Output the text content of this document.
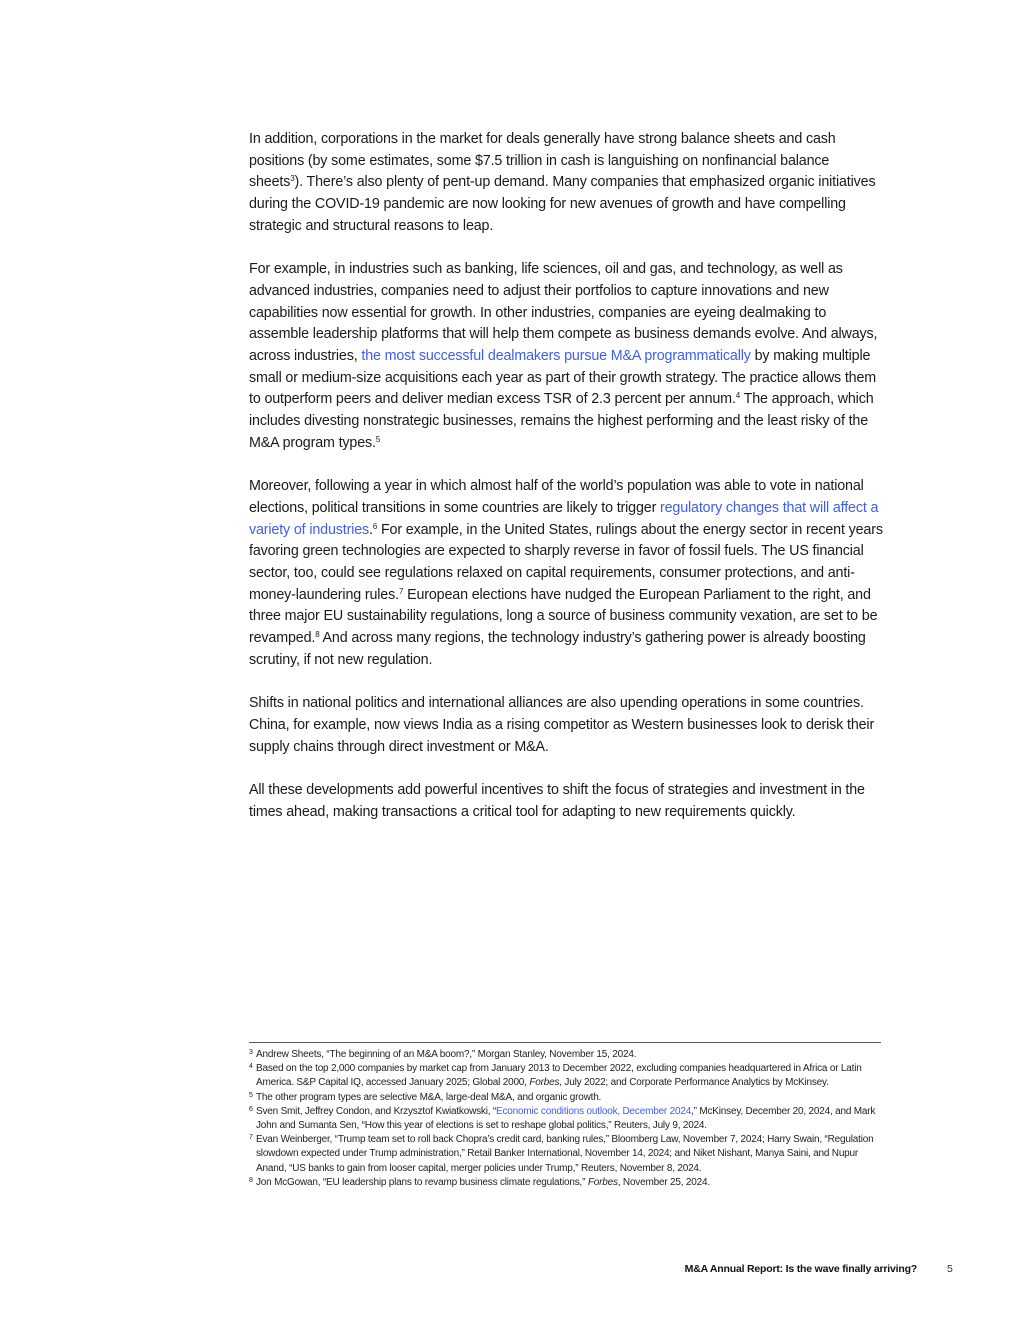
In addition, corporations in the market for deals generally have strong balance sheets and cash positions (by some estimates, some $7.5 trillion in cash is languishing on nonfinancial balance sheets$^3$). There’s also plenty of pent-up demand. Many companies that emphasized organic initiatives during the COVID-19 pandemic are now looking for new avenues of growth and have compelling strategic and structural reasons to leap.

For example, in industries such as banking, life sciences, oil and gas, and technology, as well as advanced industries, companies need to adjust their portfolios to capture innovations and new capabilities now essential for growth. In other industries, companies are eyeing dealmaking to assemble leadership platforms that will help them compete as business demands evolve. And always, across industries, the most successful dealmakers pursue M&A programmatically by making multiple small or medium-size acquisitions each year as part of their growth strategy. The practice allows them to outperform peers and deliver median excess TSR of 2.3 percent per annum.$^4$ The approach, which includes divesting nonstrategic businesses, remains the highest performing and the least risky of the M&A program types.$^5$

Moreover, following a year in which almost half of the world’s population was able to vote in national elections, political transitions in some countries are likely to trigger regulatory changes that will affect a variety of industries.$^6$ For example, in the United States, rulings about the energy sector in recent years favoring green technologies are expected to sharply reverse in favor of fossil fuels. The US financial sector, too, could see regulations relaxed on capital requirements, consumer protections, and anti-money-laundering rules.$^7$ European elections have nudged the European Parliament to the right, and three major EU sustainability regulations, long a source of business community vexation, are set to be revamped.$^8$ And across many regions, the technology industry’s gathering power is already boosting scrutiny, if not new regulation.

Shifts in national politics and international alliances are also upending operations in some countries. China, for example, now views India as a rising competitor as Western businesses look to derisk their supply chains through direct investment or M&A.

All these developments add powerful incentives to shift the focus of strategies and investment in the times ahead, making transactions a critical tool for adapting to new requirements quickly.

3 Andrew Sheets, “The beginning of an M&A boom?,” Morgan Stanley, November 15, 2024.
4 Based on the top 2,000 companies by market cap from January 2013 to December 2022, excluding companies headquartered in Africa or Latin America. S&P Capital IQ, accessed January 2025; Global 2000, Forbes, July 2022; and Corporate Performance Analytics by McKinsey.
5 The other program types are selective M&A, large-deal M&A, and organic growth.
6 Sven Smit, Jeffrey Condon, and Krzysztof Kwiatkowski, “Economic conditions outlook, December 2024,” McKinsey, December 20, 2024, and Mark John and Sumanta Sen, “How this year of elections is set to reshape global politics,” Reuters, July 9, 2024.
7 Evan Weinberger, “Trump team set to roll back Chopra’s credit card, banking rules,” Bloomberg Law, November 7, 2024; Harry Swain, “Regulation slowdown expected under Trump administration,” Retail Banker International, November 14, 2024; and Niket Nishant, Manya Saini, and Nupur Anand, “US banks to gain from looser capital, merger policies under Trump,” Reuters, November 8, 2024.
8 Jon McGowan, “EU leadership plans to revamp business climate regulations,” Forbes, November 25, 2024.
M&A Annual Report: Is the wave finally arriving?	5
